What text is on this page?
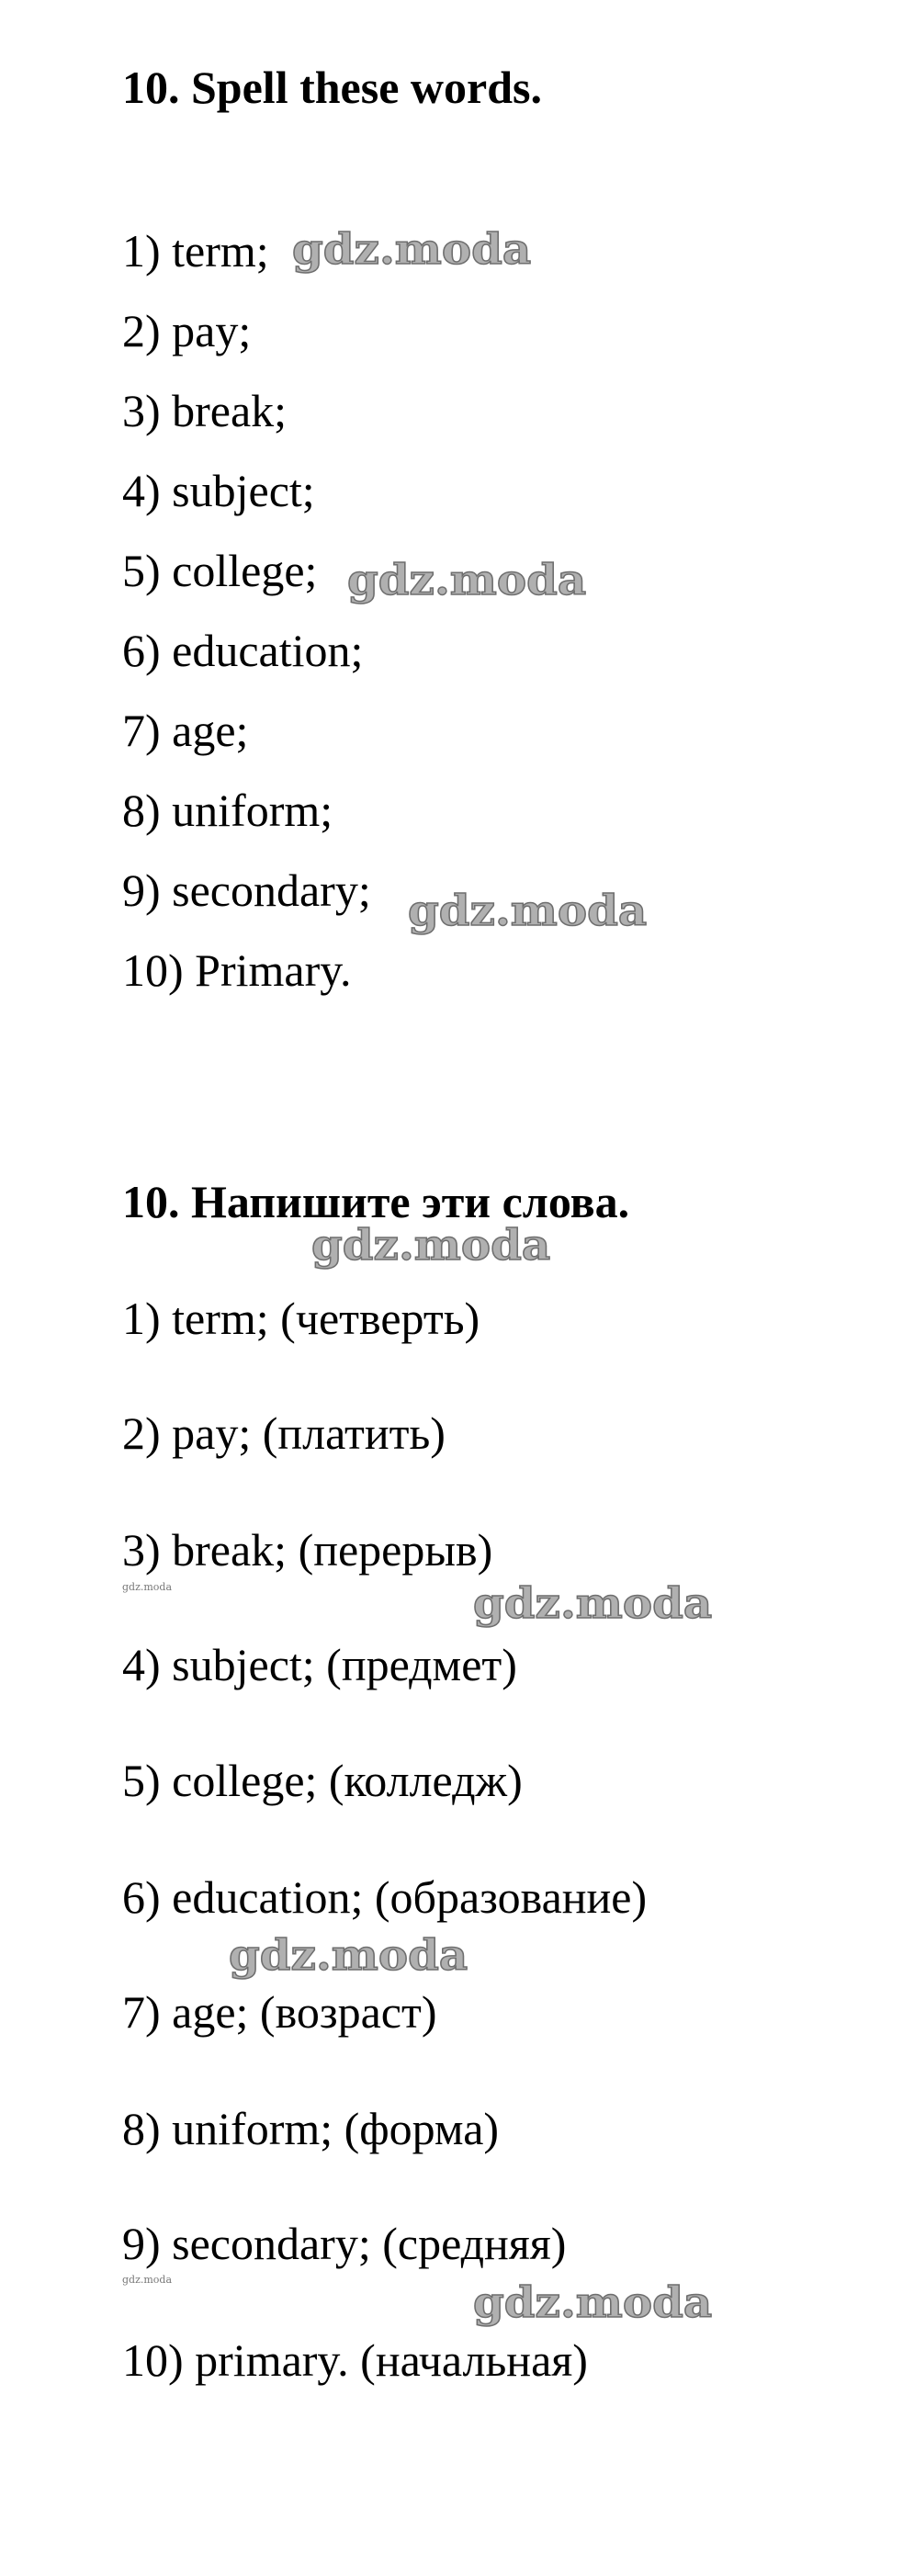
10. Spell these words.
1) term;
2) pay;
3) break;
4) subject;
5) college;
6) education;
7) age;
8) uniform;
9) secondary;
10) Primary.
10. Напишите эти слова.
1) term; (четверть)
2) pay; (платить)
3) break; (перерыв)
4) subject; (предмет)
5) college; (колледж)
6) education; (образование)
7) age; (возраст)
8) uniform; (форма)
9) secondary; (средняя)
10) primary. (начальная)
gdz.moda
gdz.moda
gdz.moda
gdz.moda
gdz.moda
gdz.moda
gdz.moda
gdz.moda
gdz.moda
